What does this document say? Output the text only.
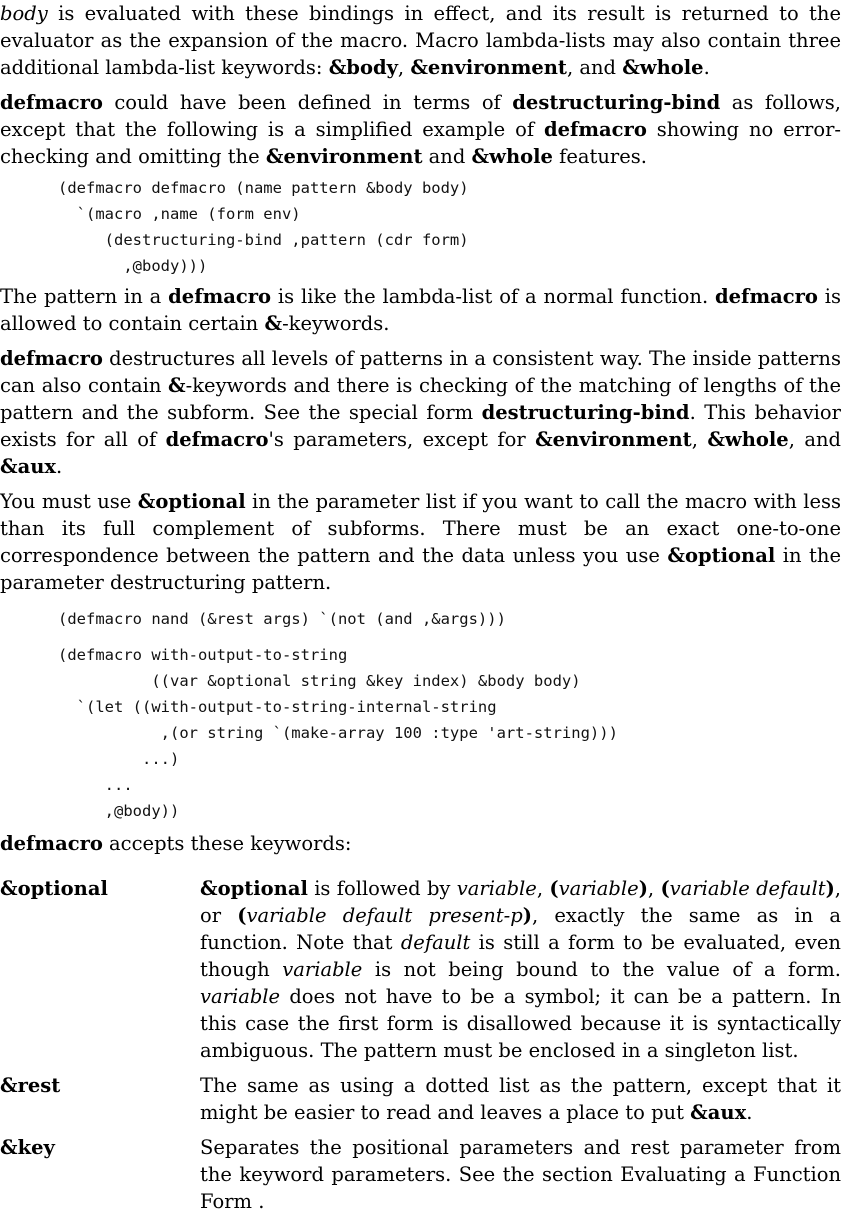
body is evaluated with these bindings in effect, and its result is returned to the evaluator as the expansion of the macro. Macro lambda-lists may also contain three additional lambda-list keywords: &body, &environment, and &whole.

defmacro could have been defined in terms of destructuring-bind as follows, except that the following is a simplified example of defmacro showing no error-checking and omitting the &environment and &whole features.

(defmacro defmacro (name pattern &body body)
`(macro ,name (form env)
(destructuring-bind ,pattern (cdr form)
,@body)))

The pattern in a defmacro is like the lambda-list of a normal function. defmacro is allowed to contain certain &-keywords.

defmacro destructures all levels of patterns in a consistent way. The inside patterns can also contain &-keywords and there is checking of the matching of lengths of the pattern and the subform. See the special form destructuring-bind. This behavior exists for all of defmacro's parameters, except for &environment, &whole, and &aux.

You must use &optional in the parameter list if you want to call the macro with less than its full complement of subforms. There must be an exact one-to-one correspondence between the pattern and the data unless you use &optional in the parameter destructuring pattern.

(defmacro nand (&rest args) `(not (and ,&args)))
(defmacro with-output-to-string
((var &optional string &key index) &body body)
`(let ((with-output-to-string-internal-string
,(or string `(make-array 100 :type 'art-string)))
...)
...
,@body))

defmacro accepts these keywords:

&optional	&optional is followed by variable, (variable), (variable default), or (variable default present-p), exactly the same as in a function. Note that default is still a form to be evaluated, even though variable is not being bound to the value of a form. variable does not have to be a symbol; it can be a pattern. In this case the first form is disallowed because it is syntactically ambiguous. The pattern must be enclosed in a singleton list.
&rest	The same as using a dotted list as the pattern, except that it might be easier to read and leaves a place to put &aux.
&key	Separates the positional parameters and rest parameter from the keyword parameters. See the section Evaluating a Function Form .
